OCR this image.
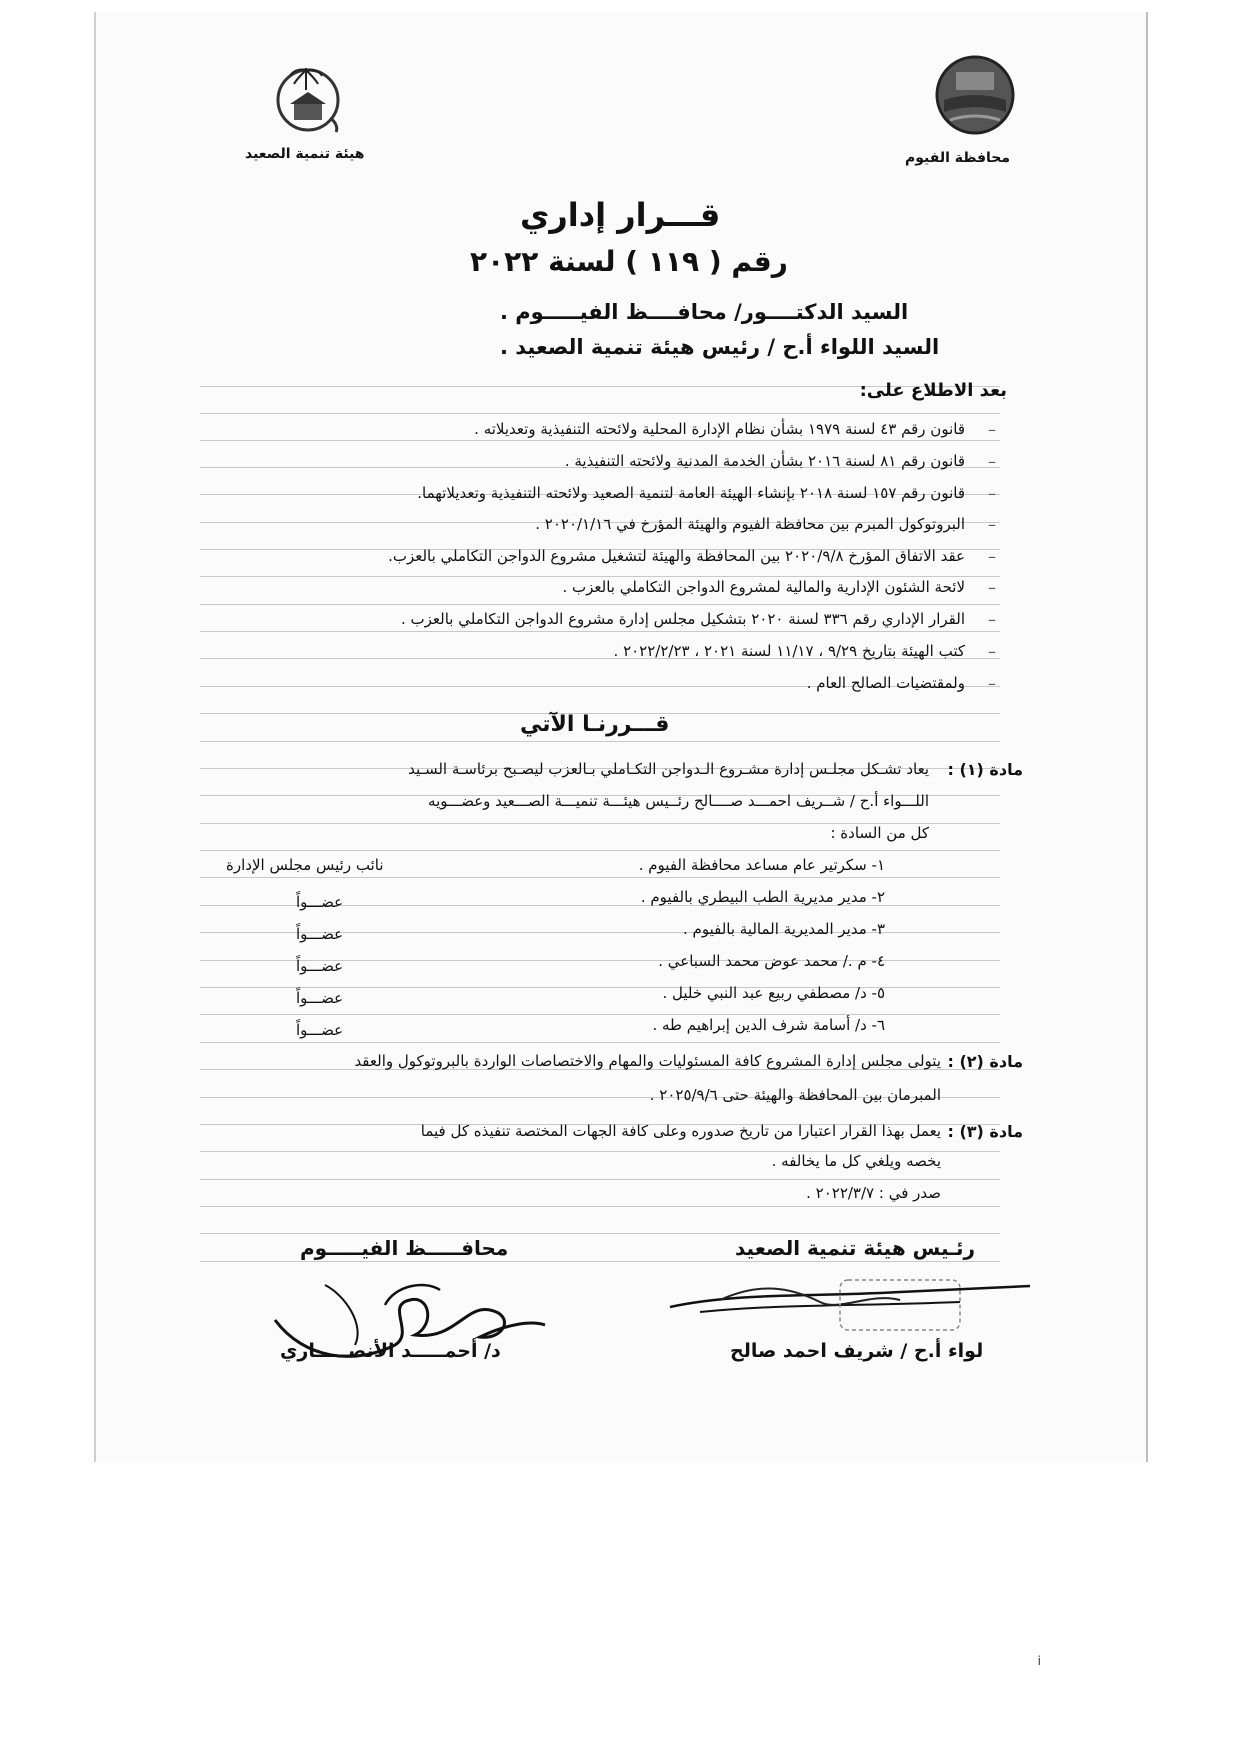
هيئة تنمية الصعيد	محافظة الفيوم
قـــرار إداري
رقم ( ١١٩ ) لسنة ٢٠٢٢
السيد الدكتــــور/ محافــــظ الفيـــــوم .
السيد اللواء أ.ح / رئيس هيئة تنمية الصعيد .
بعد الاطلاع على:
–
قانون رقم ٤٣ لسنة ١٩٧٩ بشأن نظام الإدارة المحلية ولائحته التنفيذية وتعديلاته .
–
قانون رقم ٨١ لسنة ٢٠١٦ بشأن الخدمة المدنية ولائحته التنفيذية .
–
قانون رقم ١٥٧ لسنة ٢٠١٨ بإنشاء الهيئة العامة لتنمية الصعيد ولائحته التنفيذية وتعديلاتهما.
–
البروتوكول المبرم بين محافظة الفيوم والهيئة المؤرخ في ٢٠٢٠/١/١٦ .
–
عقد الاتفاق المؤرخ ٢٠٢٠/٩/٨ بين المحافظة والهيئة لتشغيل مشروع الدواجن التكاملي بالعزب.
–
لائحة الشئون الإدارية والمالية لمشروع الدواجن التكاملي بالعزب .
–
القرار الإداري رقم ٣٣٦ لسنة ٢٠٢٠ بتشكيل مجلس إدارة مشروع الدواجن التكاملي بالعزب .
–
كتب الهيئة بتاريخ ٩/٢٩ ، ١١/١٧ لسنة ٢٠٢١ ، ٢٠٢٢/٢/٢٣ .
–
ولمقتضيات الصالح العام .
قـــررنـا الآتي
مادة (١) :
يعاد تشـكل مجلـس إدارة مشـروع الـدواجن التكـاملي بـالعزب ليصـبح برئاسـة السـيد
اللـــواء أ.ح / شــريف احمـــد صــــالح رئــيس هيئـــة تنميـــة الصـــعيد وعضـــويه
كل من السادة :
١- سكرتير عام مساعد محافظة الفيوم .
نائب رئيس مجلس الإدارة
٢- مدير مديرية الطب البيطري بالفيوم .
عضـــواً
٣- مدير المديرية المالية بالفيوم .
عضـــواً
٤- م ./ محمد عوض محمد السباعي .
عضـــواً
٥- د/ مصطفي ربيع عبد النبي خليل .
عضـــواً
٦- د/ أسامة شرف الدين إبراهيم طه .
عضـــواً
مادة (٢) :
يتولى مجلس إدارة المشروع كافة المسئوليات والمهام والاختصاصات الواردة بالبروتوكول والعقد
المبرمان بين المحافظة والهيئة حتى ٢٠٢٥/٩/٦ .
مادة (٣) :
يعمل بهذا القرار اعتبارا من تاريخ صدوره وعلى كافة الجهات المختصة تنفيذه كل فيما
يخصه ويلغي كل ما يخالفه .
صدر في : ٢٠٢٢/٣/٧ .
رئـيس هيئة تنمية الصعيد
محافـــــظ الفيـــــوم
د/ أحمـــــد الأنصـــــاري	لواء أ.ح / شريف احمد صالح
i
